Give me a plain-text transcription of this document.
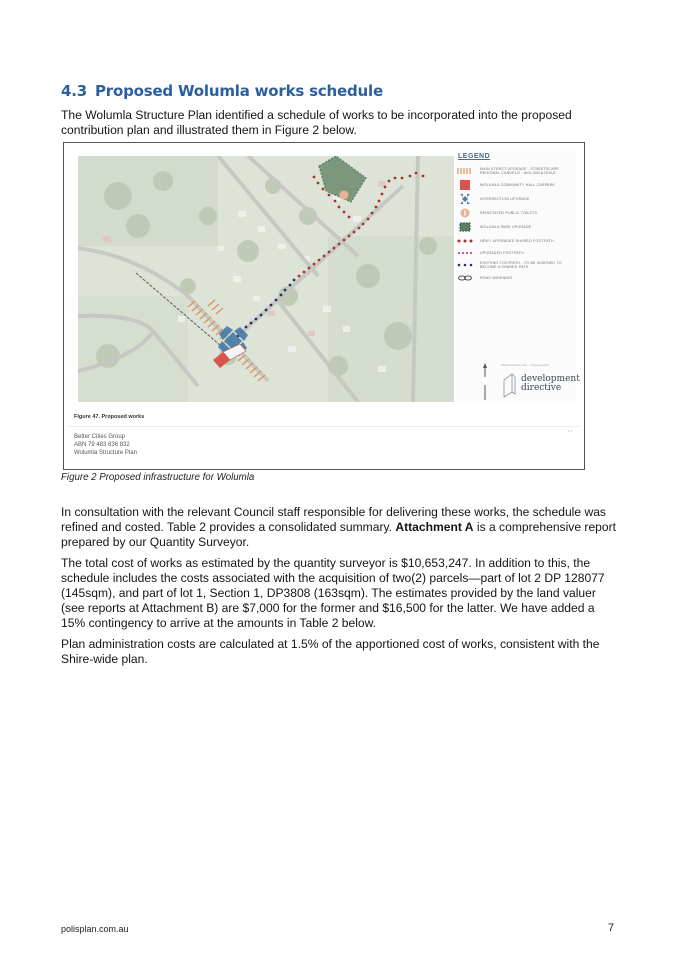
4.3 Proposed Wolumla works schedule

The Wolumla Structure Plan identified a schedule of works to be incorporated into the proposed contribution plan and illustrated them in Figure 2 below.

LEGEND
MAIN STREET UPGRADE - STREETSCAPE REGIONAL CANDELO - WOLUMLA ROAD
WOLUMLA COMMUNITY HALL CARPARK
INTERSECTION UPGRADE
REINSTATED PUBLIC TOILETS
WOLUMLA PARK UPGRADE
NEW / UPGRADED SHARED FOOTPATH
UPGRADED FOOTPATH
EXISTING FOOTPATH - TO BE WIDENED TO BECOME A SHARED PATH
ROAD WIDENING
Wolumla Structure Plan — Proposed works
development
directive
Figure 47. Proposed works
• •
Better Cities Group
ABN 79 483 836 832
Wolumla Structure Plan
Figure 2 Proposed infrastructure for Wolumla

In consultation with the relevant Council staff responsible for delivering these works, the schedule was refined and costed. Table 2 provides a consolidated summary. Attachment A is a comprehensive report prepared by our Quantity Surveyor.

The total cost of works as estimated by the quantity surveyor is $10,653,247. In addition to this, the schedule includes the costs associated with the acquisition of two(2) parcels—part of lot 2 DP 128077 (145sqm), and part of lot 1, Section 1, DP3808 (163sqm). The estimates provided by the land valuer (see reports at Attachment B) are $7,000 for the former and $16,500 for the latter. We have added a 15% contingency to arrive at the amounts in Table 2 below.

Plan administration costs are calculated at 1.5% of the apportioned cost of works, consistent with the Shire-wide plan.

polisplan.com.au	7
